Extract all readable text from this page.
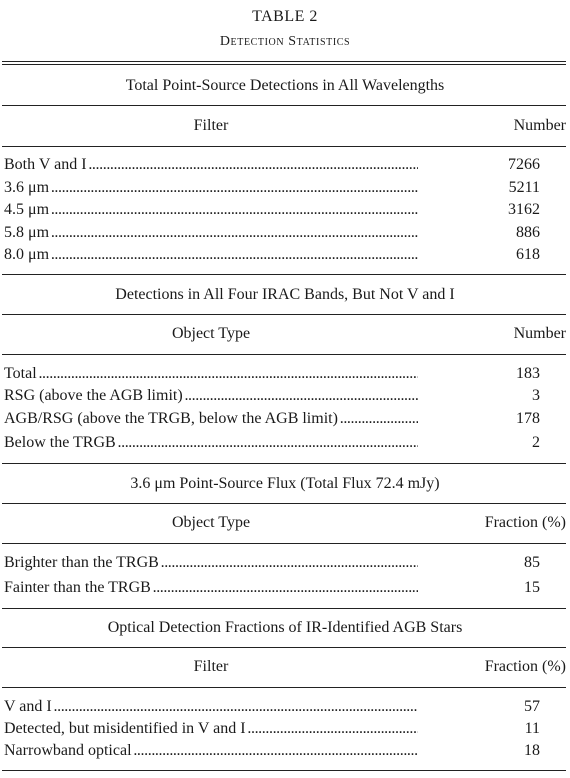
TABLE 2
Detection Statistics
Total Point-Source Detections in All Wavelengths
Filter	Number
Both V and I . . .	7266
3.6 μm . . .	5211
4.5 μm . . .	3162
5.8 μm . . .	886
8.0 μm . . .	618
Detections in All Four IRAC Bands, But Not V and I
Object Type	Number
Total . . .	183
RSG (above the AGB limit) . . .	3
AGB/RSG (above the TRGB, below the AGB limit) . . .	178
Below the TRGB . . .	2
3.6 μm Point-Source Flux (Total Flux 72.4 mJy)
Object Type	Fraction (%)
Brighter than the TRGB . . .	85
Fainter than the TRGB . . .	15
Optical Detection Fractions of IR-Identified AGB Stars
Filter	Fraction (%)
V and I . . .	57
Detected, but misidentified in V and I . . .	11
Narrowband optical . . .	18
